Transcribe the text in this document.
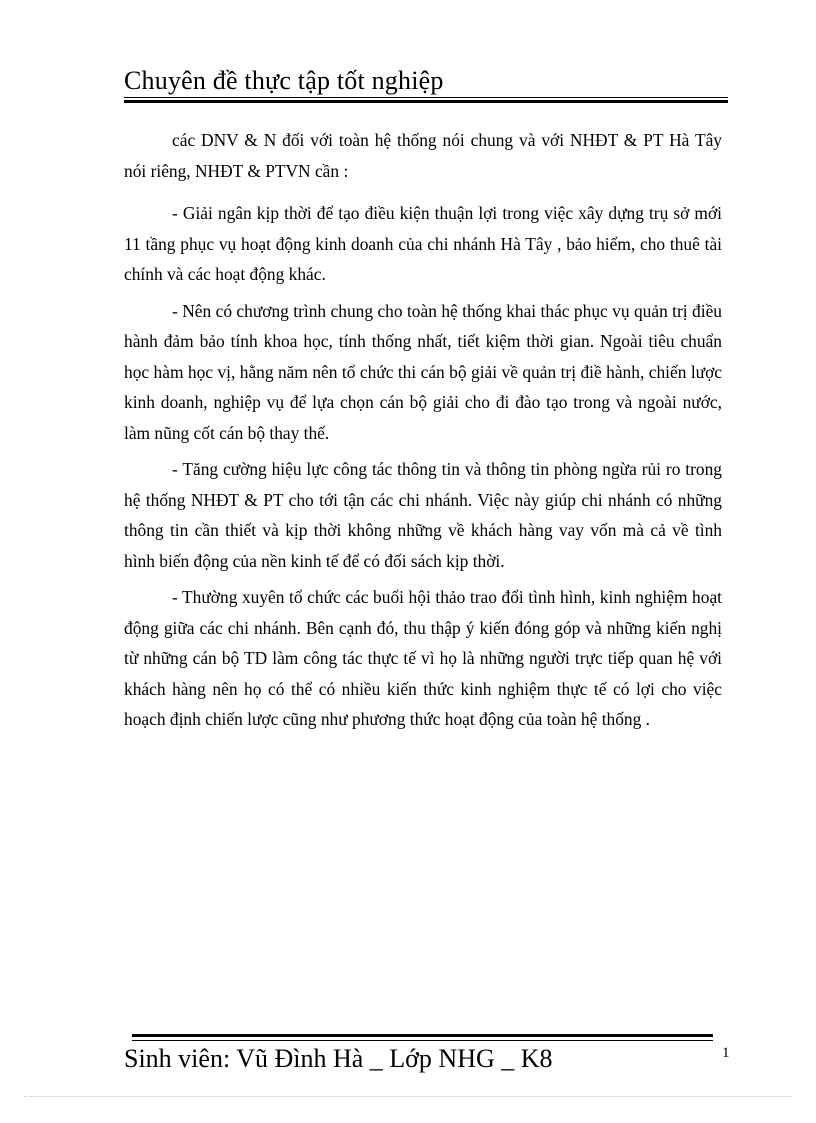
Chuyên đề thực tập tốt nghiệp

các DNV & N đối với toàn hệ thống nói chung và với NHĐT & PT Hà Tây nói riêng, NHĐT & PTVN cần :

- Giải ngân kịp thời để tạo điều kiện thuận lợi trong việc xây dựng trụ sở mới 11 tầng phục vụ hoạt động kinh doanh của chi nhánh Hà Tây , bảo hiểm, cho thuê tài chính và các hoạt động khác.

- Nên có chương trình chung cho toàn hệ thống khai thác phục vụ quản trị điều hành đảm bảo tính khoa học, tính thống nhất, tiết kiệm thời gian. Ngoài tiêu chuẩn học hàm học vị, hằng năm nên tổ chức thi cán bộ giải về quản trị điề hành, chiến lược kinh doanh, nghiệp vụ để lựa chọn cán bộ giải cho đi đào tạo trong và ngoài nước, làm nũng cốt cán bộ thay thế.

- Tăng cường hiệu lực công tác thông tin và thông tin phòng ngừa rủi ro trong hệ thống NHĐT & PT cho tới tận các chi nhánh. Việc này giúp chi nhánh có những thông tin cần thiết và kịp thời không những về khách hàng vay vốn mà cả về tình hình biến động của nền kinh tế để có đối sách kịp thời.

- Thường xuyên tổ chức các buổi hội thảo trao đổi tình hình, kinh nghiệm hoạt động giữa các chi nhánh. Bên cạnh đó, thu thập ý kiến đóng góp và những kiến nghị từ những cán bộ TD làm công tác thực tế vì họ là những người trực tiếp quan hệ với khách hàng nên họ có thể có nhiều kiến thức kinh nghiệm thực tế có lợi cho việc hoạch định chiến lược cũng như phương thức hoạt động của toàn hệ thống .

Sinh viên: Vũ Đình Hà _ Lớp NHG _ K8	1
